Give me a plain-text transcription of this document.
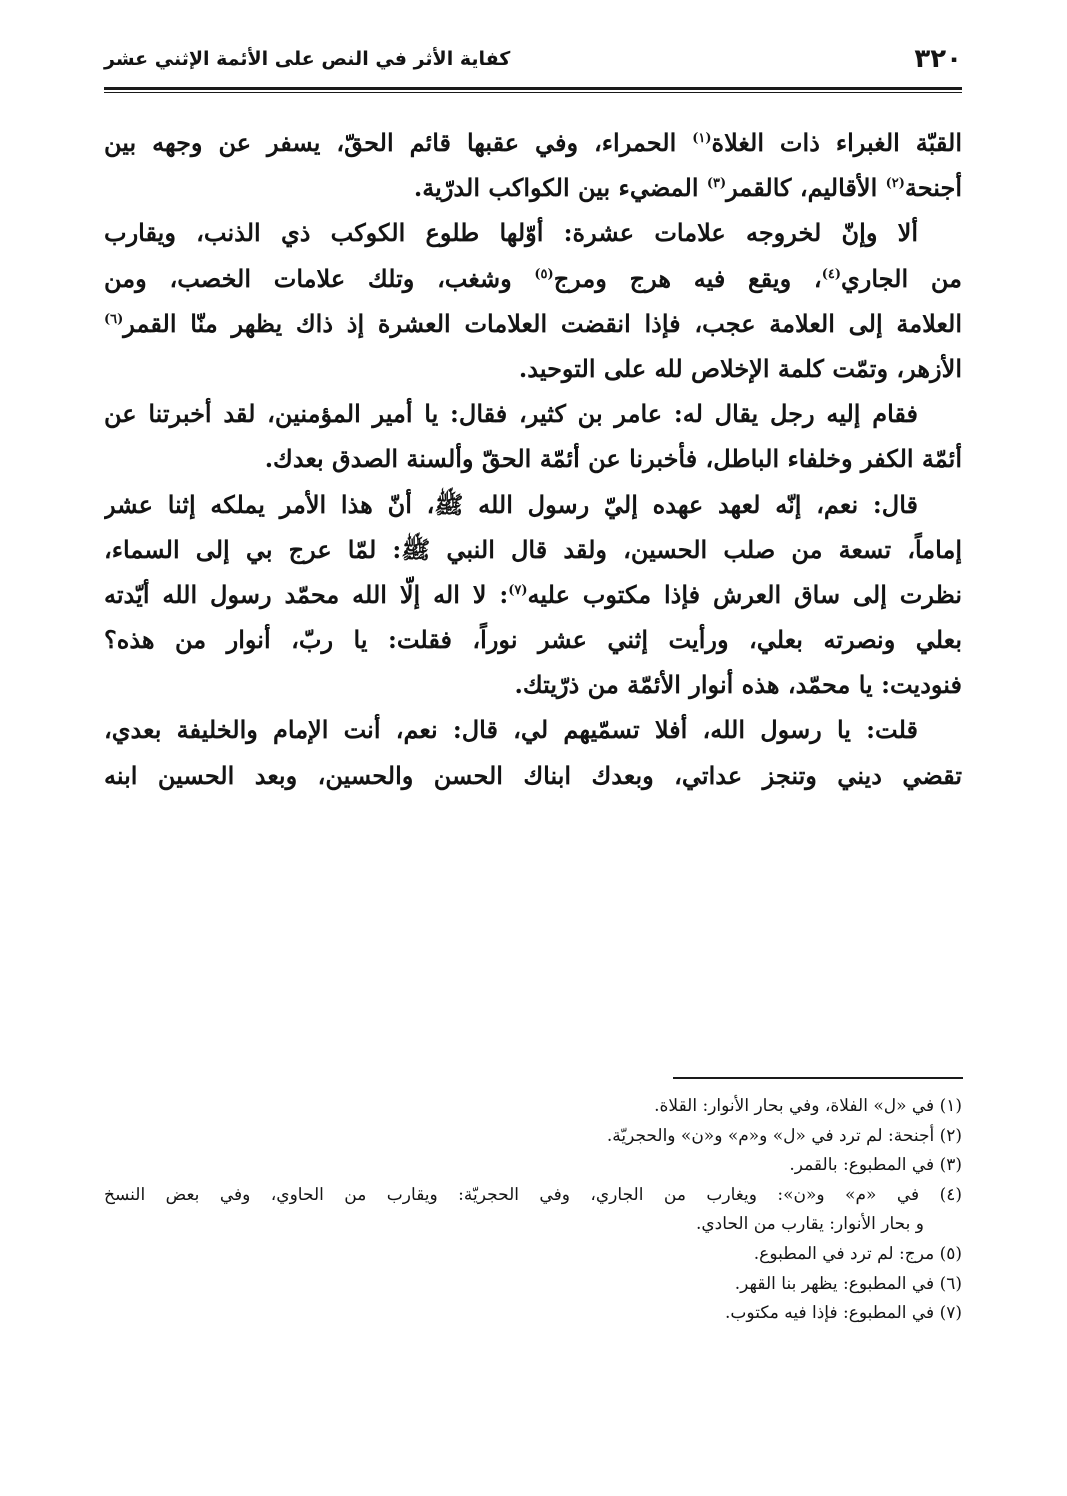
٣٢٠
كفاية الأثر في النص على الأئمة الإثني عشر
القبّة الغبراء ذات الغلاة$^{(١)}$ الحمراء، وفي عقبها قائم الحقّ، يسفر عن وجهه بين
أجنحة$^{(٢)}$ الأقاليم، كالقمر$^{(٣)}$ المضيء بين الكواكب الدرّية.
ألا وإنّ لخروجه علامات عشرة: أوّلها طلوع الكوكب ذي الذنب، ويقارب
من الجاري$^{(٤)}$، ويقع فيه هرج ومرج$^{(٥)}$ وشغب، وتلك علامات الخصب، ومن
العلامة إلى العلامة عجب، فإذا انقضت العلامات العشرة إذ ذاك يظهر منّا القمر$^{(٦)}$
الأزهر، وتمّت كلمة الإخلاص لله على التوحيد.
فقام إليه رجل يقال له: عامر بن كثير، فقال: يا أمير المؤمنين، لقد أخبرتنا عن
أئمّة الكفر وخلفاء الباطل، فأخبرنا عن أئمّة الحقّ وألسنة الصدق بعدك.
قال: نعم، إنّه لعهد عهده إليّ رسول الله ﷺ، أنّ هذا الأمر يملكه إثنا عشر
إماماً، تسعة من صلب الحسين، ولقد قال النبي ﷺ: لمّا عرج بي إلى السماء،
نظرت إلى ساق العرش فإذا مكتوب عليه$^{(٧)}$: لا اله إلّا الله محمّد رسول الله أيّدته
بعلي ونصرته بعلي، ورأيت إثني عشر نوراً، فقلت: يا ربّ، أنوار من هذه؟
فنوديت: يا محمّد، هذه أنوار الأئمّة من ذرّيتك.
قلت: يا رسول الله، أفلا تسمّيهم لي، قال: نعم، أنت الإمام والخليفة بعدي،
تقضي ديني وتنجز عداتي، وبعدك ابناك الحسن والحسين، وبعد الحسين ابنه
(١) في «ل» الفلاة، وفي بحار الأنوار: القلاة.
(٢) أجنحة: لم ترد في «ل» و«م» و«ن» والحجريّة.
(٣) في المطبوع: بالقمر.
(٤) في «م» و«ن»: ويغارب من الجاري، وفي الحجريّة: ويقارب من الحاوي، وفي بعض النسخ
و بحار الأنوار: يقارب من الحادي.
(٥) مرج: لم ترد في المطبوع.
(٦) في المطبوع: يظهر بنا القهر.
(٧) في المطبوع: فإذا فيه مكتوب.
